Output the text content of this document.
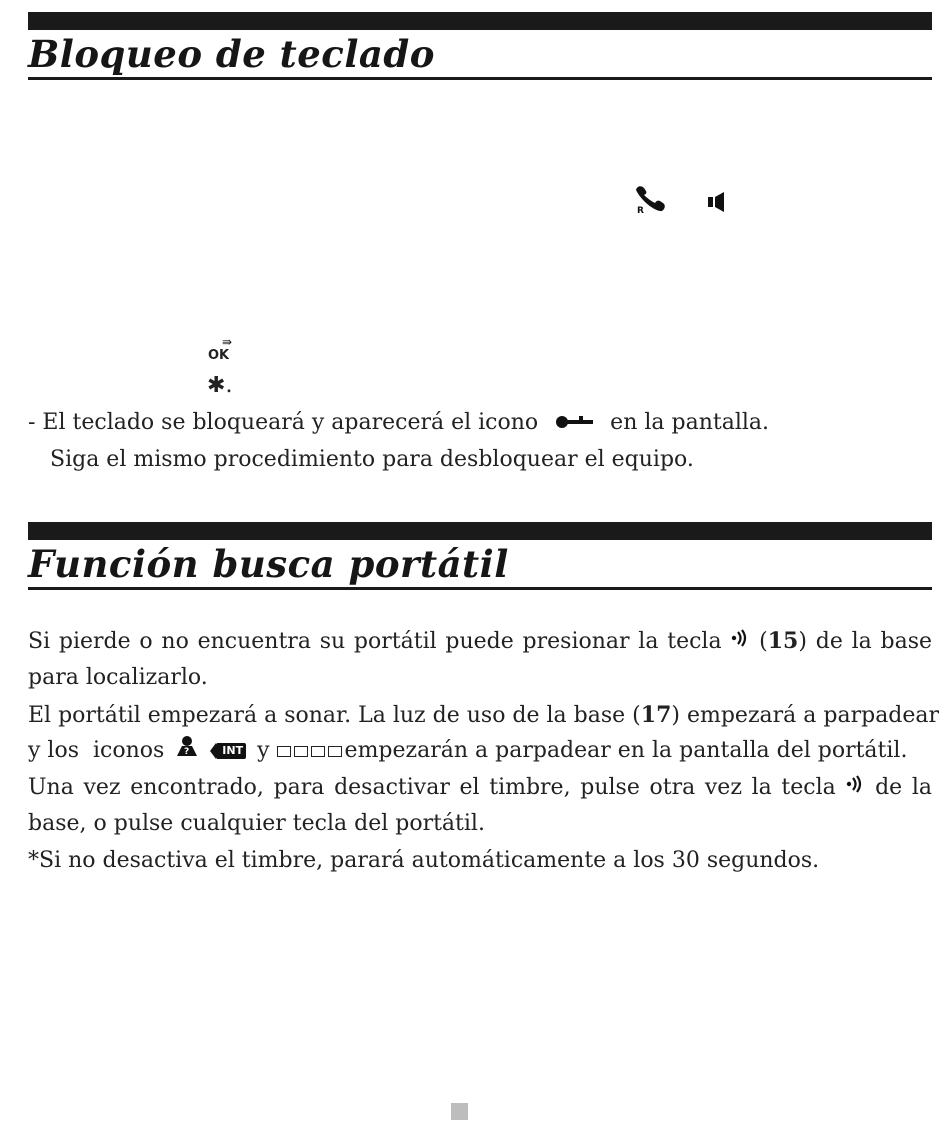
Bloqueo de teclado
R
$_{OK ⇛}$
✱.
- El teclado se bloqueará y aparecerá el icono	en la pantalla.
Siga el mismo procedimiento para desbloquear el equipo.
Función busca portátil
Si pierde o no encuentra su portátil puede presionar la tecla (15) de la base
para localizarlo.
El portátil empezará a sonar. La luz de uso de la base (17) empezará a parpadear
y los  iconos ?	INT y	empezarán a parpadear en la pantalla del portátil.
Una vez encontrado, para desactivar el timbre, pulse otra vez la tecla de la
base, o pulse cualquier tecla del portátil.
*Si no desactiva el timbre, parará automáticamente a los 30 segundos.
